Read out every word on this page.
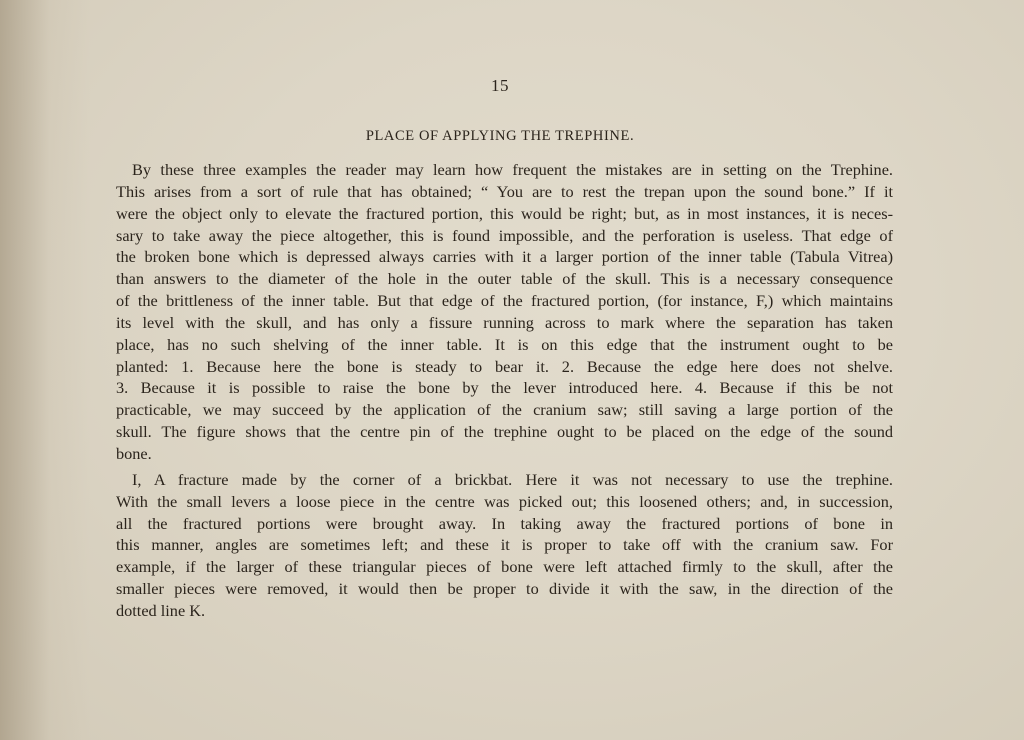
15
PLACE OF APPLYING THE TREPHINE.
By these three examples the reader may learn how frequent the mistakes are in setting on the Trephine.
This arises from a sort of rule that has obtained; “ You are to rest the trepan upon the sound bone.” If it
were the object only to elevate the fractured portion, this would be right; but, as in most instances, it is neces-
sary to take away the piece altogether, this is found impossible, and the perforation is useless. That edge of
the broken bone which is depressed always carries with it a larger portion of the inner table (Tabula Vitrea)
than answers to the diameter of the hole in the outer table of the skull. This is a necessary consequence
of the brittleness of the inner table. But that edge of the fractured portion, (for instance, F,) which maintains
its level with the skull, and has only a fissure running across to mark where the separation has taken
place, has no such shelving of the inner table. It is on this edge that the instrument ought to be
planted: 1. Because here the bone is steady to bear it. 2. Because the edge here does not shelve.
3. Because it is possible to raise the bone by the lever introduced here. 4. Because if this be not
practicable, we may succeed by the application of the cranium saw; still saving a large portion of the
skull. The figure shows that the centre pin of the trephine ought to be placed on the edge of the sound
bone.
I, A fracture made by the corner of a brickbat. Here it was not necessary to use the trephine.
With the small levers a loose piece in the centre was picked out; this loosened others; and, in succession,
all the fractured portions were brought away. In taking away the fractured portions of bone in
this manner, angles are sometimes left; and these it is proper to take off with the cranium saw. For
example, if the larger of these triangular pieces of bone were left attached firmly to the skull, after the
smaller pieces were removed, it would then be proper to divide it with the saw, in the direction of the
dotted line K.
